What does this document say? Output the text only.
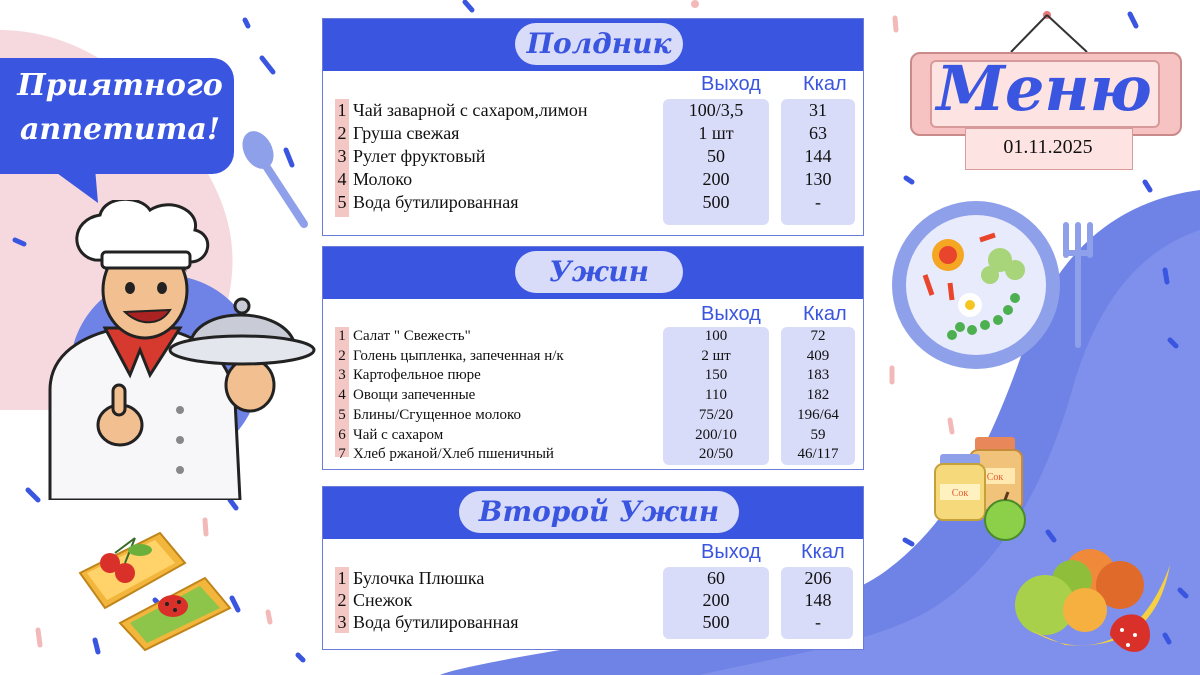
Приятного
аппетита!
Меню
01.11.2025
Сок
Сок
Полдник
Выход Ккал
1 Чай заварной с сахаром,лимон	100/3,5	31
2 Груша свежая	1 шт	63
3 Рулет фруктовый	50	144
4 Молоко	200	130
5 Вода бутилированная	500	-
Ужин
Выход Ккал
1 Салат " Свежесть"	100	72
2 Голень цыпленка, запеченная н/к	2 шт	409
3 Картофельное пюре	150	183
4 Овощи запеченные	110	182
5 Блины/Сгущенное молоко	75/20	196/64
6 Чай с сахаром	200/10	59
7 Хлеб ржаной/Хлеб пшеничный	20/50	46/117
Второй Ужин
Выход Ккал
1 Булочка Плюшка	60	206
2 Снежок	200	148
3 Вода бутилированная	500	-
